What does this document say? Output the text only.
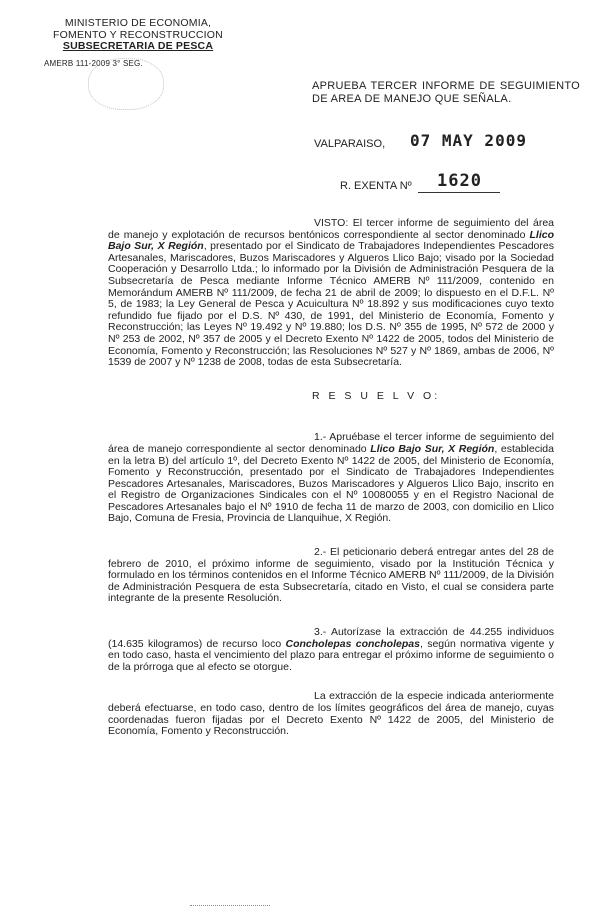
MINISTERIO DE ECONOMIA,
FOMENTO Y RECONSTRUCCION
SUBSECRETARIA DE PESCA
AMERB 111-2009 3° SEG.
APRUEBA TERCER INFORME DE SEGUIMIENTO DE AREA DE MANEJO QUE SEÑALA.
VALPARAISO, 07 MAY 2009
R. EXENTA Nº 1620

VISTO: El tercer informe de seguimiento del área de manejo y explotación de recursos bentónicos correspondiente al sector denominado Llico Bajo Sur, X Región, presentado por el Sindicato de Trabajadores Independientes Pescadores Artesanales, Mariscadores, Buzos Mariscadores y Algueros Llico Bajo; visado por la Sociedad Cooperación y Desarrollo Ltda.; lo informado por la División de Administración Pesquera de la Subsecretaría de Pesca mediante Informe Técnico AMERB Nº 111/2009, contenido en Memorándum AMERB Nº 111/2009, de fecha 21 de abril de 2009; lo dispuesto en el D.F.L. Nº 5, de 1983; la Ley General de Pesca y Acuicultura Nº 18.892 y sus modificaciones cuyo texto refundido fue fijado por el D.S. Nº 430, de 1991, del Ministerio de Economía, Fomento y Reconstrucción; las Leyes Nº 19.492 y Nº 19.880; los D.S. Nº 355 de 1995, Nº 572 de 2000 y Nº 253 de 2002, Nº 357 de 2005 y el Decreto Exento Nº 1422 de 2005, todos del Ministerio de Economía, Fomento y Reconstrucción; las Resoluciones Nº 527 y Nº 1869, ambas de 2006, Nº 1539 de 2007 y Nº 1238 de 2008, todas de esta Subsecretaría.

R E S U E L V O:

1.- Apruébase el tercer informe de seguimiento del área de manejo correspondiente al sector denominado Llico Bajo Sur, X Región, establecida en la letra B) del artículo 1º, del Decreto Exento Nº 1422 de 2005, del Ministerio de Economía, Fomento y Reconstrucción, presentado por el Sindicato de Trabajadores Independientes Pescadores Artesanales, Mariscadores, Buzos Mariscadores y Algueros Llico Bajo, inscrito en el Registro de Organizaciones Sindicales con el Nº 10080055 y en el Registro Nacional de Pescadores Artesanales bajo el Nº 1910 de fecha 11 de marzo de 2003, con domicilio en Llico Bajo, Comuna de Fresia, Provincia de Llanquihue, X Región.

2.- El peticionario deberá entregar antes del 28 de febrero de 2010, el próximo informe de seguimiento, visado por la Institución Técnica y formulado en los términos contenidos en el Informe Técnico AMERB Nº 111/2009, de la División de Administración Pesquera de esta Subsecretaría, citado en Visto, el cual se considera parte integrante de la presente Resolución.

3.- Autorízase la extracción de 44.255 individuos (14.635 kilogramos) de recurso loco Concholepas concholepas, según normativa vigente y en todo caso, hasta el vencimiento del plazo para entregar el próximo informe de seguimiento o de la prórroga que al efecto se otorgue.

La extracción de la especie indicada anteriormente deberá efectuarse, en todo caso, dentro de los límites geográficos del área de manejo, cuyas coordenadas fueron fijadas por el Decreto Exento Nº 1422 de 2005, del Ministerio de Economía, Fomento y Reconstrucción.
